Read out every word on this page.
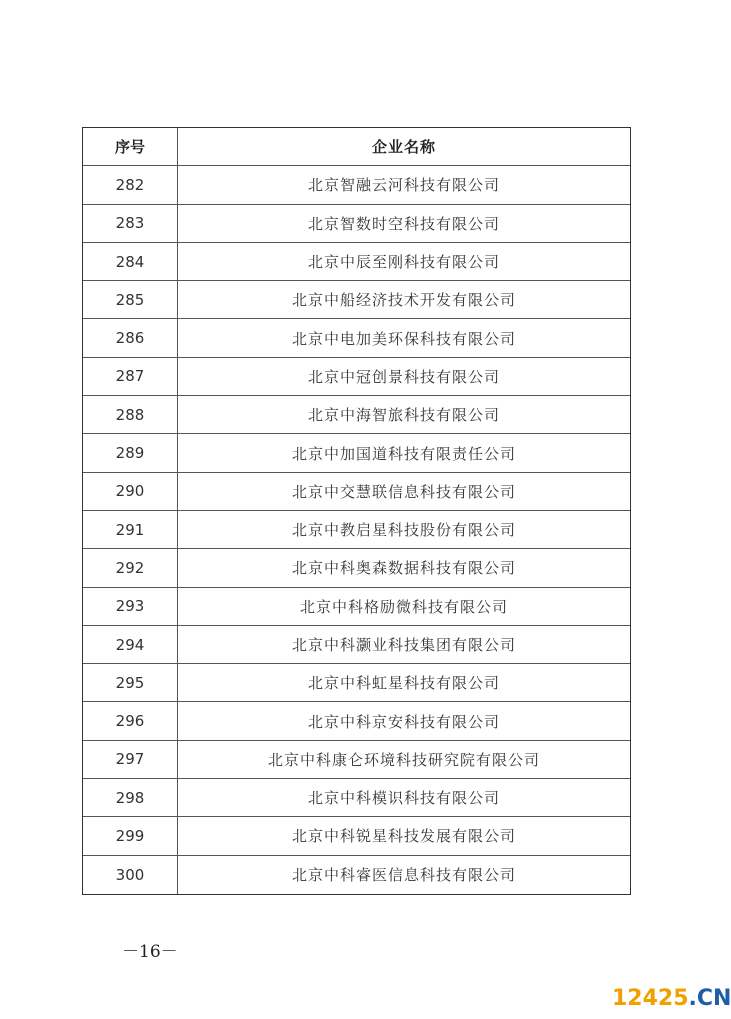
序号	企业名称
282	北京智融云河科技有限公司
283	北京智数时空科技有限公司
284	北京中辰至刚科技有限公司
285	北京中船经济技术开发有限公司
286	北京中电加美环保科技有限公司
287	北京中冠创景科技有限公司
288	北京中海智旅科技有限公司
289	北京中加国道科技有限责任公司
290	北京中交慧联信息科技有限公司
291	北京中教启星科技股份有限公司
292	北京中科奥森数据科技有限公司
293	北京中科格励微科技有限公司
294	北京中科灏业科技集团有限公司
295	北京中科虹星科技有限公司
296	北京中科京安科技有限公司
297	北京中科康仑环境科技研究院有限公司
298	北京中科模识科技有限公司
299	北京中科锐星科技发展有限公司
300	北京中科睿医信息科技有限公司
－16－
12425.CN
